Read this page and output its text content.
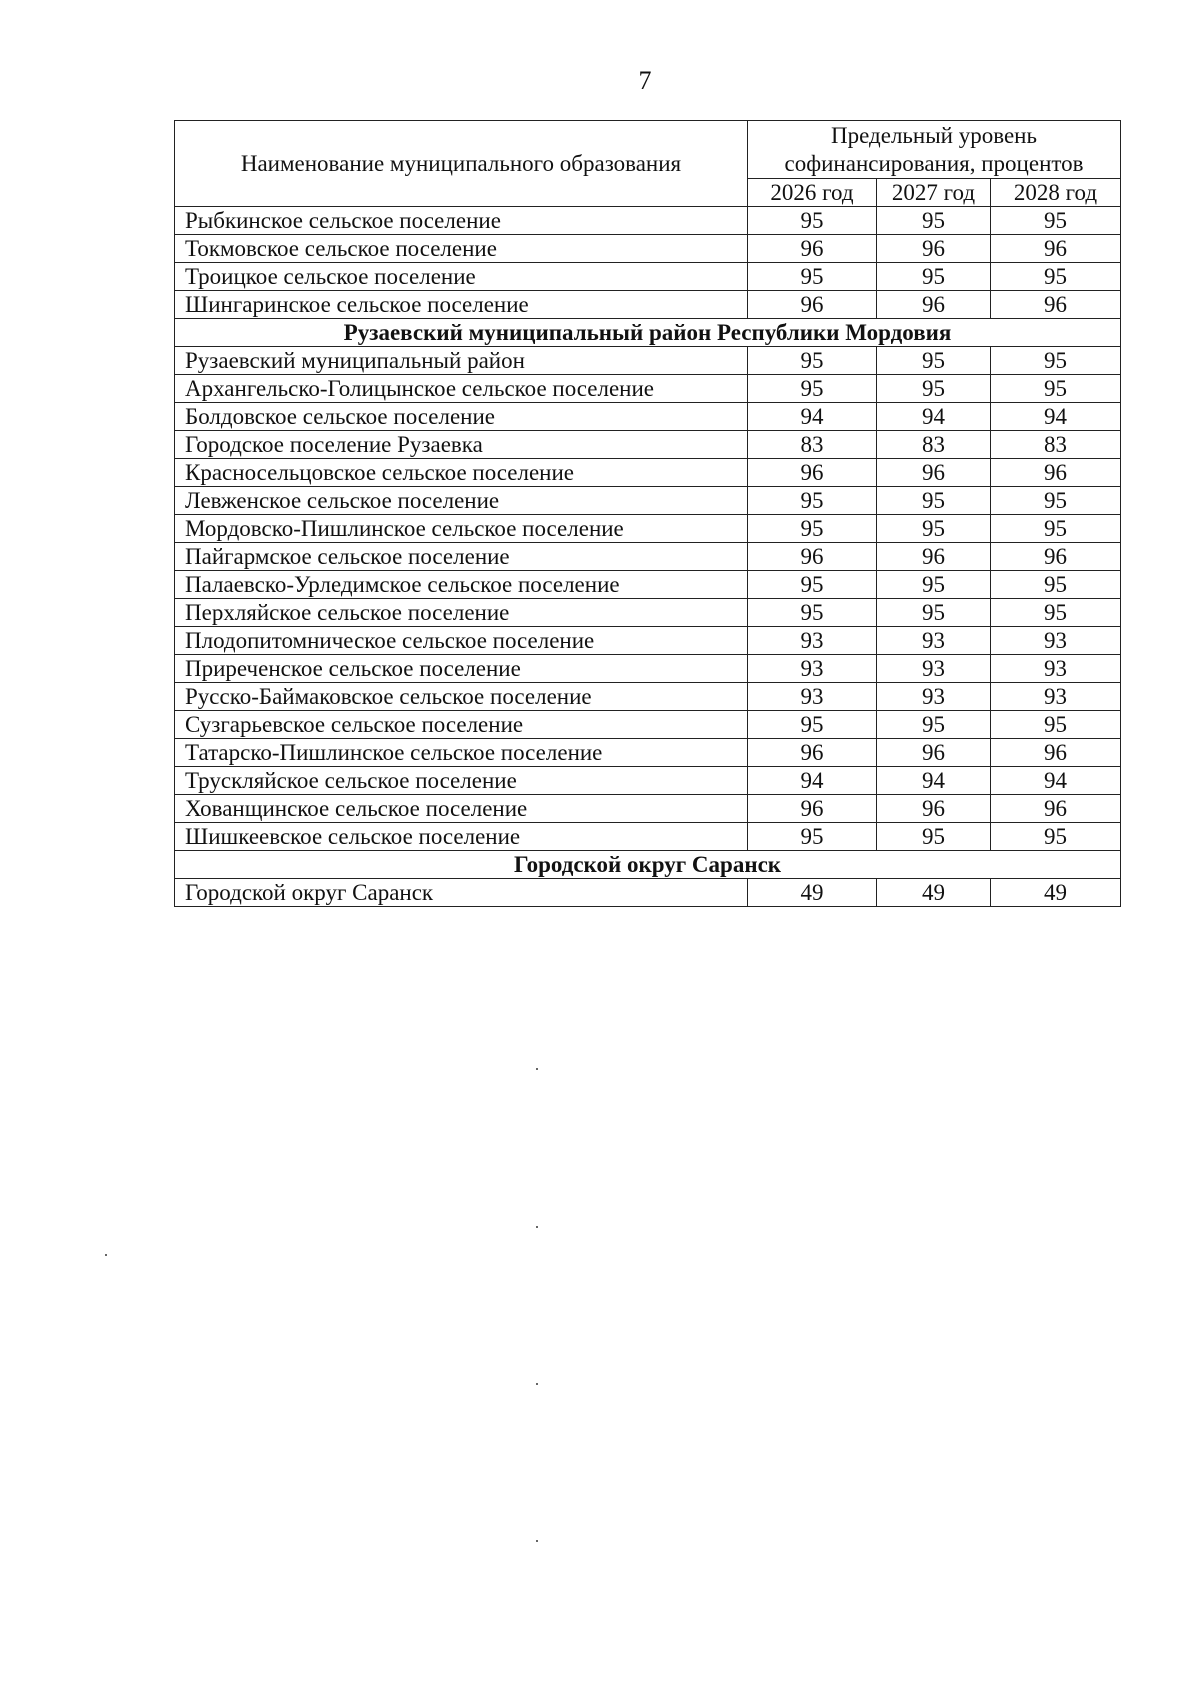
7
Наименование муниципального образования	Предельный уровень
софинансирования, процентов		

	2026 год	2027 год	2028 год
Рыбкинское сельское поселение	95	95	95
Токмовское сельское поселение	96	96	96
Троицкое сельское поселение	95	95	95
Шингаринское сельское поселение	96	96	96
Рузаевский муниципальный район Республики Мордовия			
Рузаевский муниципальный район	95	95	95
Архангельско-Голицынское сельское поселение	95	95	95
Болдовское сельское поселение	94	94	94
Городское поселение Рузаевка	83	83	83
Красносельцовское сельское поселение	96	96	96
Левженское сельское поселение	95	95	95
Мордовско-Пишлинское сельское поселение	95	95	95
Пайгармское сельское поселение	96	96	96
Палаевско-Урледимское сельское поселение	95	95	95
Перхляйское сельское поселение	95	95	95
Плодопитомническое сельское поселение	93	93	93
Приреченское сельское поселение	93	93	93
Русско-Баймаковское сельское поселение	93	93	93
Сузгарьевское сельское поселение	95	95	95
Татарско-Пишлинское сельское поселение	96	96	96
Трускляйское сельское поселение	94	94	94
Хованщинское сельское поселение	96	96	96
Шишкеевское сельское поселение	95	95	95
Городской округ Саранск			
Городской округ Саранск	49	49	49
